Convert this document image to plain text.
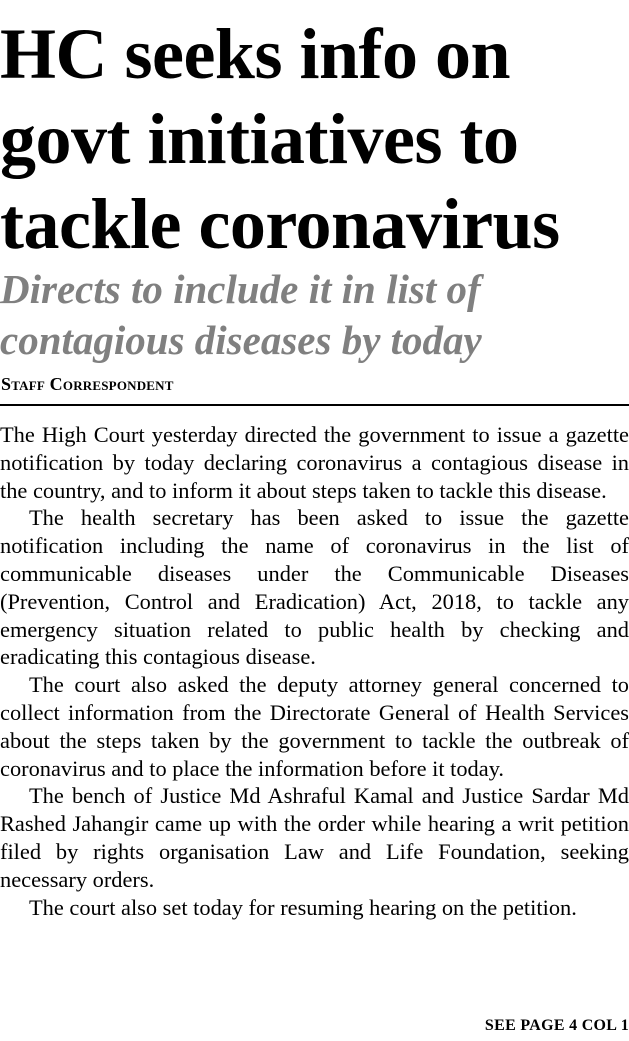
HC seeks info on
govt initiatives to
tackle coronavirus
Directs to include it in list of
contagious diseases by today
Staff Correspondent

The High Court yesterday directed the government to issue a gazette notification by today declaring coronavirus a contagious disease in the country, and to inform it about steps taken to tackle this disease.

The health secretary has been asked to issue the gazette notification including the name of coronavirus in the list of communicable diseases under the Communicable Diseases (Prevention, Control and Eradication) Act, 2018, to tackle any emergency situation related to public health by checking and eradicating this contagious disease.

The court also asked the deputy attorney general concerned to collect information from the Directorate General of Health Services about the steps taken by the government to tackle the outbreak of coronavirus and to place the information before it today.

The bench of Justice Md Ashraful Kamal and Justice Sardar Md Rashed Jahangir came up with the order while hearing a writ petition filed by rights organisation Law and Life Foundation, seeking necessary orders.

The court also set today for resuming hearing on the petition.

SEE PAGE 4 COL 1
